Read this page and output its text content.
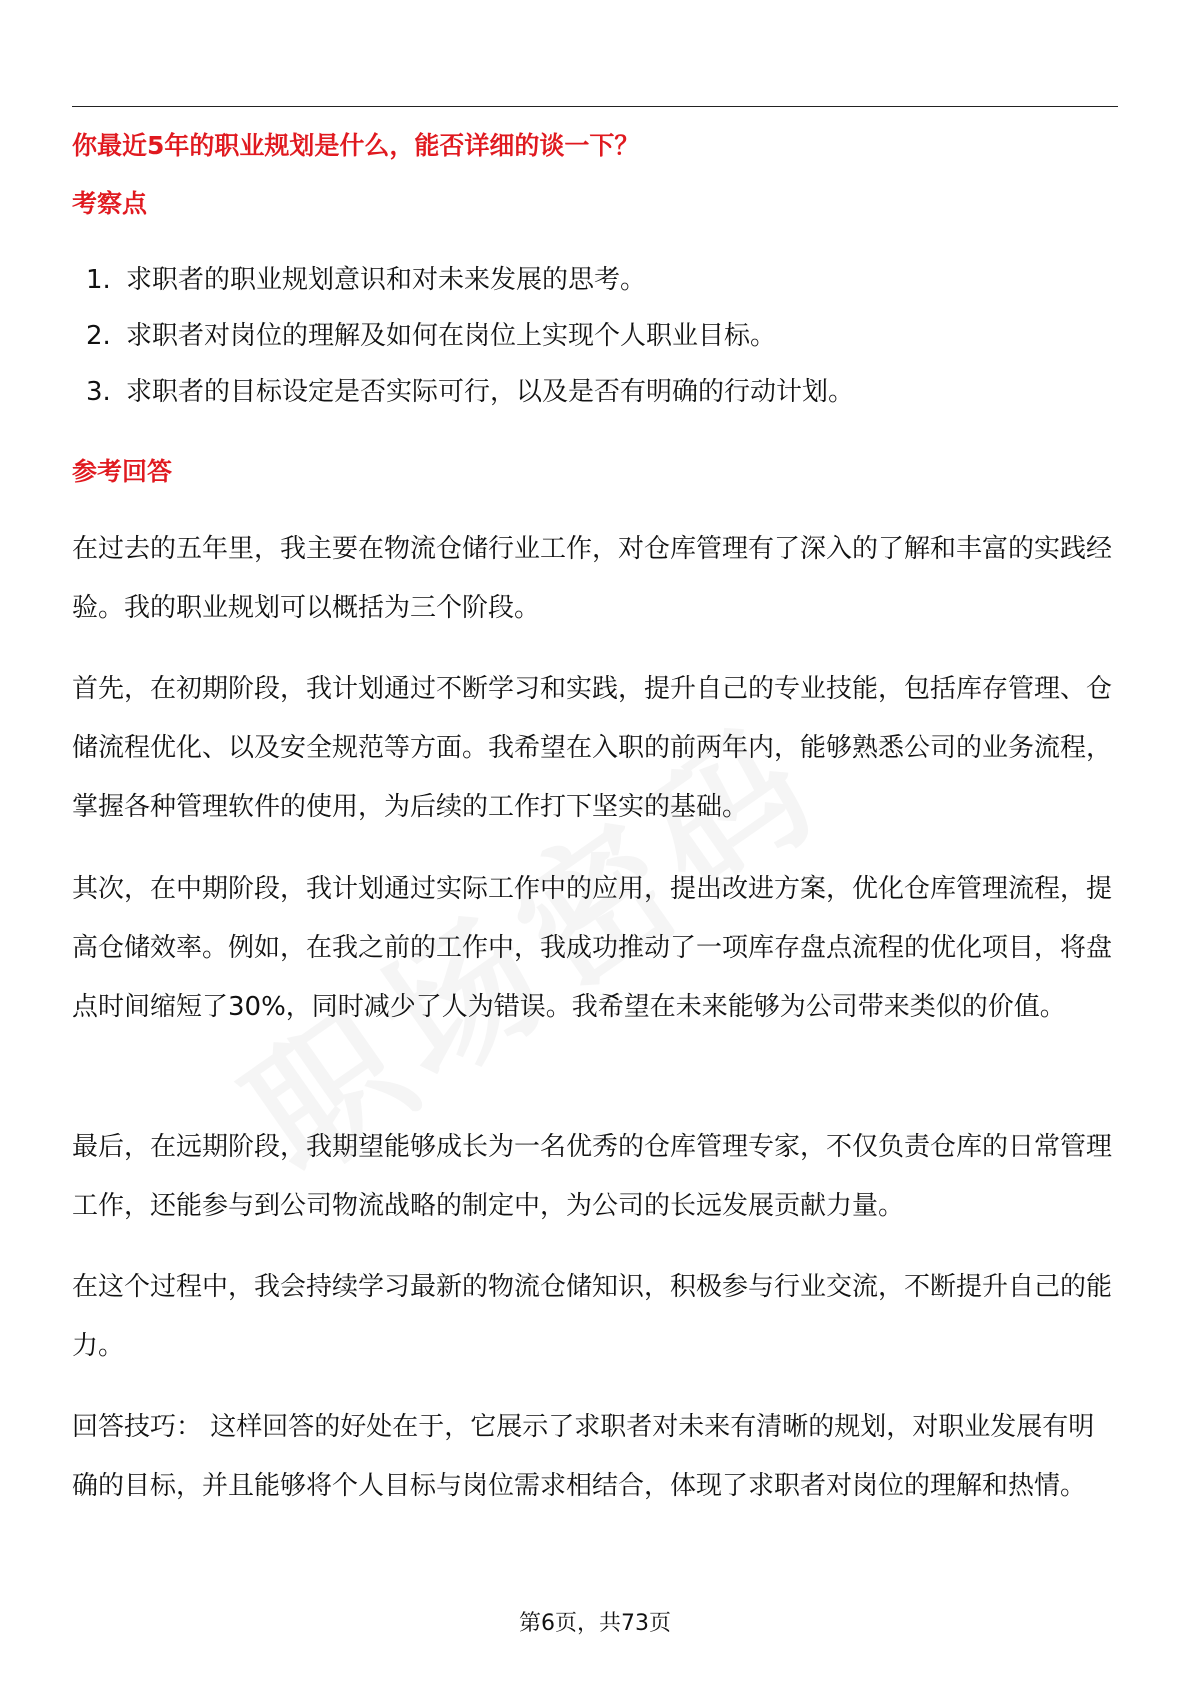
你最近5年的职业规划是什么，能否详细的谈一下？
考察点
1. 求职者的职业规划意识和对未来发展的思考。
2. 求职者对岗位的理解及如何在岗位上实现个人职业目标。
3. 求职者的目标设定是否实际可行，以及是否有明确的行动计划。
参考回答

在过去的五年里，我主要在物流仓储行业工作，对仓库管理有了深入的了解和丰富的实践经验。我的职业规划可以概括为三个阶段。

首先，在初期阶段，我计划通过不断学习和实践，提升自己的专业技能，包括库存管理、仓储流程优化、以及安全规范等方面。我希望在入职的前两年内，能够熟悉公司的业务流程，掌握各种管理软件的使用，为后续的工作打下坚实的基础。

其次，在中期阶段，我计划通过实际工作中的应用，提出改进方案，优化仓库管理流程，提高仓储效率。例如，在我之前的工作中，我成功推动了一项库存盘点流程的优化项目，将盘点时间缩短了30%，同时减少了人为错误。我希望在未来能够为公司带来类似的价值。

最后，在远期阶段，我期望能够成长为一名优秀的仓库管理专家，不仅负责仓库的日常管理工作，还能参与到公司物流战略的制定中，为公司的长远发展贡献力量。

在这个过程中，我会持续学习最新的物流仓储知识，积极参与行业交流，不断提升自己的能力。

回答技巧： 这样回答的好处在于，它展示了求职者对未来有清晰的规划，对职业发展有明确的目标，并且能够将个人目标与岗位需求相结合，体现了求职者对岗位的理解和热情。

第6页，共73页
